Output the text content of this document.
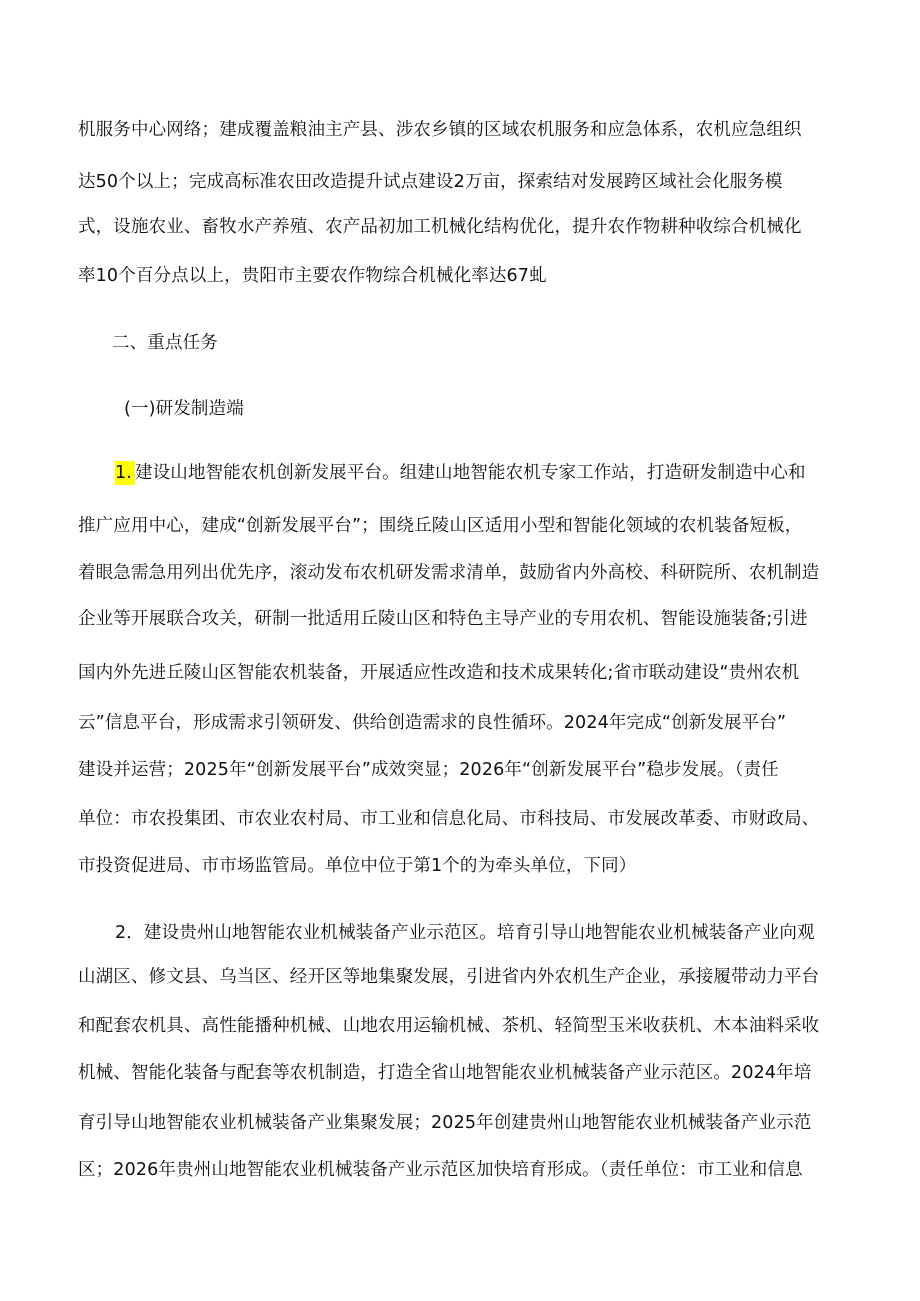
机服务中心网络；建成覆盖粮油主产县、涉农乡镇的区域农机服务和应急体系，农机应急组织
达50个以上；完成高标准农田改造提升试点建设2万亩，探索结对发展跨区域社会化服务模
式，设施农业、畜牧水产养殖、农产品初加工机械化结构优化，提升农作物耕种收综合机械化
率10个百分点以上，贵阳市主要农作物综合机械化率达67虬
二、重点任务
(一)研发制造端
1. 建设山地智能农机创新发展平台。组建山地智能农机专家工作站，打造研发制造中心和
推广应用中心，建成“创新发展平台”；围绕丘陵山区适用小型和智能化领域的农机装备短板，
着眼急需急用列出优先序，滚动发布农机研发需求清单，鼓励省内外高校、科研院所、农机制造
企业等开展联合攻关，研制一批适用丘陵山区和特色主导产业的专用农机、智能设施装备;引进
国内外先进丘陵山区智能农机装备，开展适应性改造和技术成果转化;省市联动建设“贵州农机
云”信息平台，形成需求引领研发、供给创造需求的良性循环。2024年完成“创新发展平台”
建设并运营；2025年“创新发展平台”成效突显；2026年“创新发展平台”稳步发展。（责任
单位：市农投集团、市农业农村局、市工业和信息化局、市科技局、市发展改革委、市财政局、
市投资促进局、市市场监管局。单位中位于第1个的为牵头单位，下同）
2．建设贵州山地智能农业机械装备产业示范区。培育引导山地智能农业机械装备产业向观
山湖区、修文县、乌当区、经开区等地集聚发展，引进省内外农机生产企业，承接履带动力平台
和配套农机具、高性能播种机械、山地农用运输机械、茶机、轻简型玉米收获机、木本油料采收
机械、智能化装备与配套等农机制造，打造全省山地智能农业机械装备产业示范区。2024年培
育引导山地智能农业机械装备产业集聚发展；2025年创建贵州山地智能农业机械装备产业示范
区；2026年贵州山地智能农业机械装备产业示范区加快培育形成。（责任单位：市工业和信息
